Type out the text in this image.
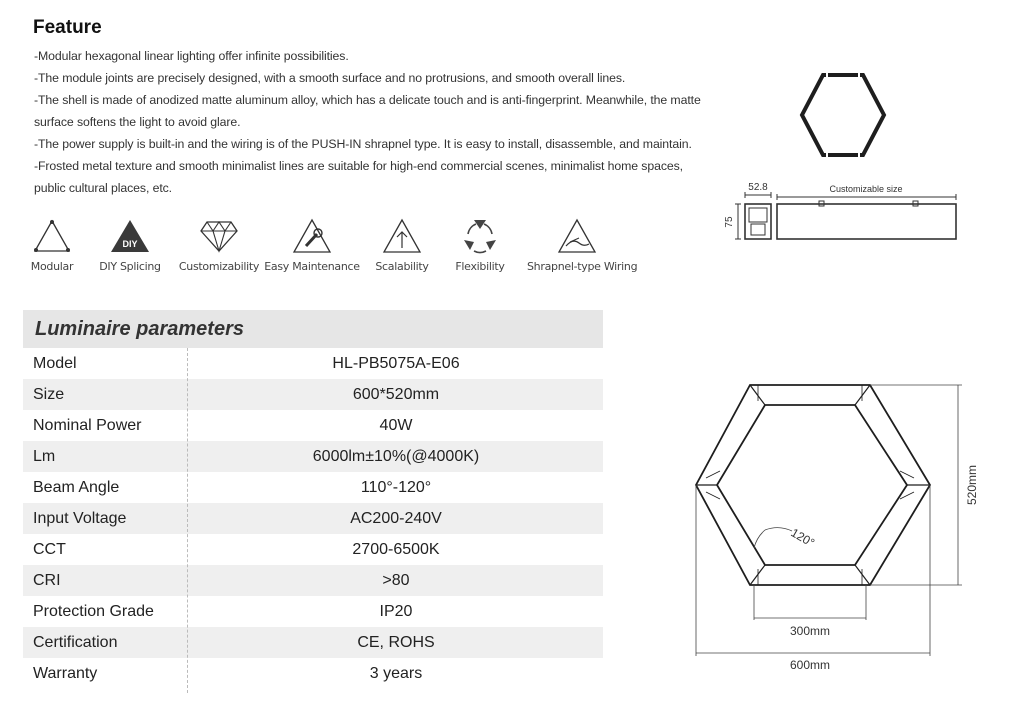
Feature
-Modular hexagonal linear lighting offer infinite possibilities.
-The module joints are precisely designed, with a smooth surface and no protrusions, and smooth overall lines.
-The shell is made of anodized matte aluminum alloy, which has a delicate touch and is anti-fingerprint. Meanwhile, the matte
surface softens the light to avoid glare.
-The power supply is built-in and the wiring is of the PUSH-IN shrapnel type. It is easy to install, disassemble, and maintain.
-Frosted metal texture and smooth minimalist lines are suitable for high-end commercial scenes, minimalist home spaces,
public cultural places, etc.
Modular
DIY
DIY Splicing	Customizability Easy Maintenance	Scalability	Flexibility	Shrapnel-type Wiring
52.8	Customizable size
75
Luminaire parameters
Model	HL-PB5075A-E06
Size	600*520mm
Nominal Power	40W
Lm	6000lm±10%(@4000K)
Beam Angle	110°-120°
Input Voltage	AC200-240V
CCT	2700-6500K
CRI	>80
Protection Grade	IP20
Certification	CE, ROHS
Warranty	3 years
120°
520mm
300mm
600mm
